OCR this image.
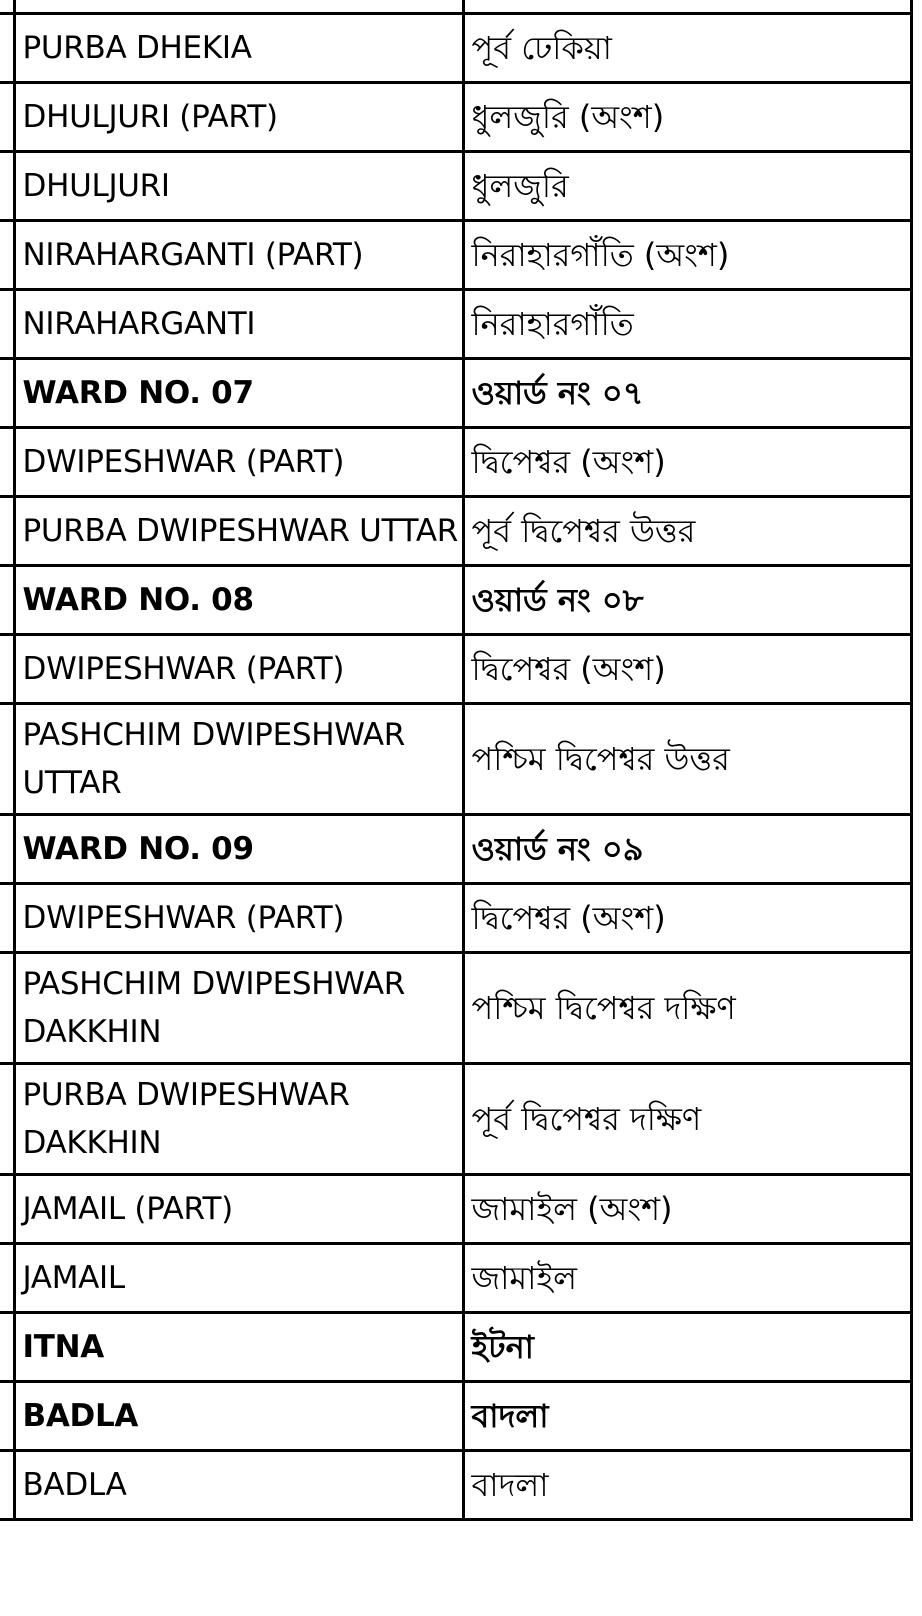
	PURBA DHEKIA	পূর্ব ঢেকিয়া
	DHULJURI (PART)	ধুলজুরি (অংশ)
	DHULJURI	ধুলজুরি
	NIRAHARGANTI (PART)	নিরাহারগাঁতি (অংশ)
	NIRAHARGANTI	নিরাহারগাঁতি
	WARD NO. 07	ওয়ার্ড নং ০৭
	DWIPESHWAR (PART)	দ্বিপেশ্বর (অংশ)
	PURBA DWIPESHWAR UTTAR	পূর্ব দ্বিপেশ্বর উত্তর
	WARD NO. 08	ওয়ার্ড নং ০৮
	DWIPESHWAR (PART)	দ্বিপেশ্বর (অংশ)
	PASHCHIM DWIPESHWAR UTTAR	পশ্চিম দ্বিপেশ্বর উত্তর
	WARD NO. 09	ওয়ার্ড নং ০৯
	DWIPESHWAR (PART)	দ্বিপেশ্বর (অংশ)
	PASHCHIM DWIPESHWAR DAKKHIN	পশ্চিম দ্বিপেশ্বর দক্ষিণ
	PURBA DWIPESHWAR DAKKHIN	পূর্ব দ্বিপেশ্বর দক্ষিণ
	JAMAIL (PART)	জামাইল (অংশ)
	JAMAIL	জামাইল
	ITNA	ইটনা
	BADLA	বাদলা
	BADLA	বাদলা
